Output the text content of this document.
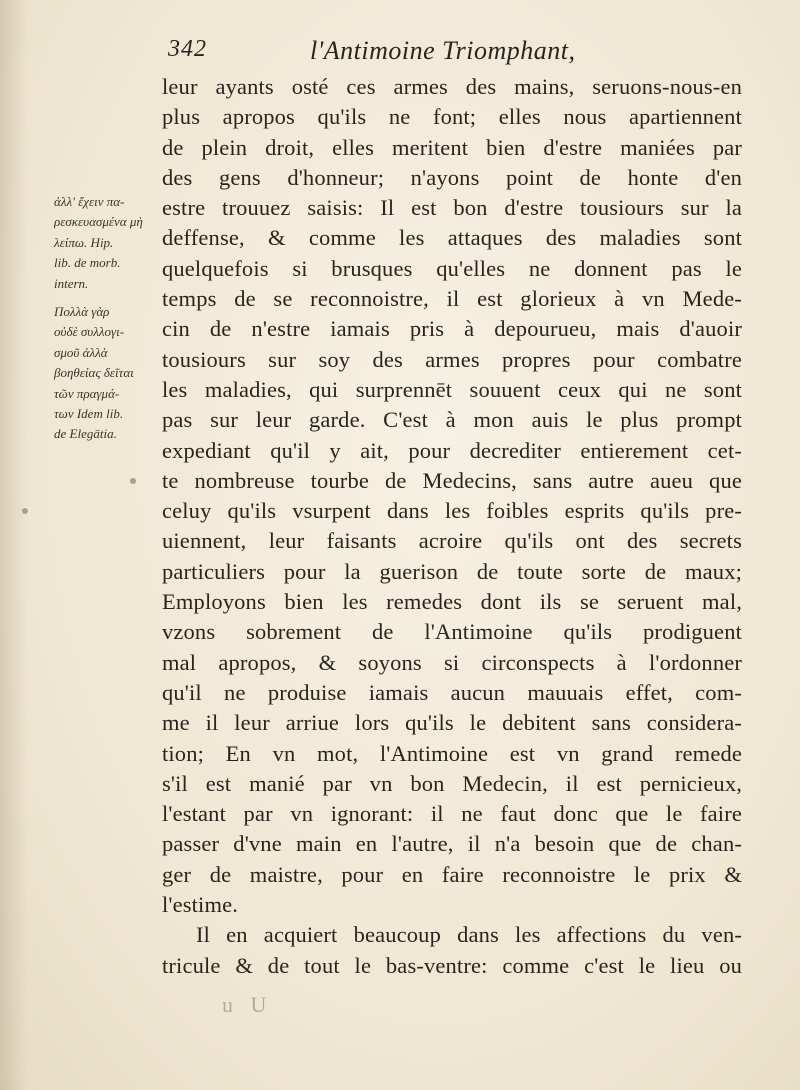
342	l'Antimoine Triomphant,
ἀλλ' ἔχειν πα-
ρεσκευασμένα μὴ
λείπω. Hip.
lib. de morb.
intern.
Πολλὰ γὰρ
οὐδὲ συλλογι-
σμοῦ ἀλλὰ
βοηθείας δεῖται
τῶν πραγμά-
των Idem lib.
de Elegātia.
leur ayants osté ces armes des mains, seruons-nous-en
plus apropos qu'ils ne font; elles nous apartiennent
de plein droit, elles meritent bien d'estre maniées par
des gens d'honneur; n'ayons point de honte d'en
estre trouuez saisis: Il est bon d'estre tousiours sur la
deffense, & comme les attaques des maladies sont
quelquefois si brusques qu'elles ne donnent pas le
temps de se reconnoistre, il est glorieux à vn Mede-
cin de n'estre iamais pris à depourueu, mais d'auoir
tousiours sur soy des armes propres pour combatre
les maladies, qui surprennēt souuent ceux qui ne sont
pas sur leur garde. C'est à mon auis le plus prompt
expediant qu'il y ait, pour decrediter entierement cet-
te nombreuse tourbe de Medecins, sans autre aueu que
celuy qu'ils vsurpent dans les foibles esprits qu'ils pre-
uiennent, leur faisants acroire qu'ils ont des secrets
particuliers pour la guerison de toute sorte de maux;
Employons bien les remedes dont ils se seruent mal,
vzons sobrement de l'Antimoine qu'ils prodiguent
mal apropos, & soyons si circonspects à l'ordonner
qu'il ne produise iamais aucun mauuais effet, com-
me il leur arriue lors qu'ils le debitent sans considera-
tion; En vn mot, l'Antimoine est vn grand remede
s'il est manié par vn bon Medecin, il est pernicieux,
l'estant par vn ignorant: il ne faut donc que le faire
passer d'vne main en l'autre, il n'a besoin que de chan-
ger de maistre, pour en faire reconnoistre le prix &
l'estime.
Il en acquiert beaucoup dans les affections du ven-
tricule & de tout le bas-ventre: comme c'est le lieu ou
u U
